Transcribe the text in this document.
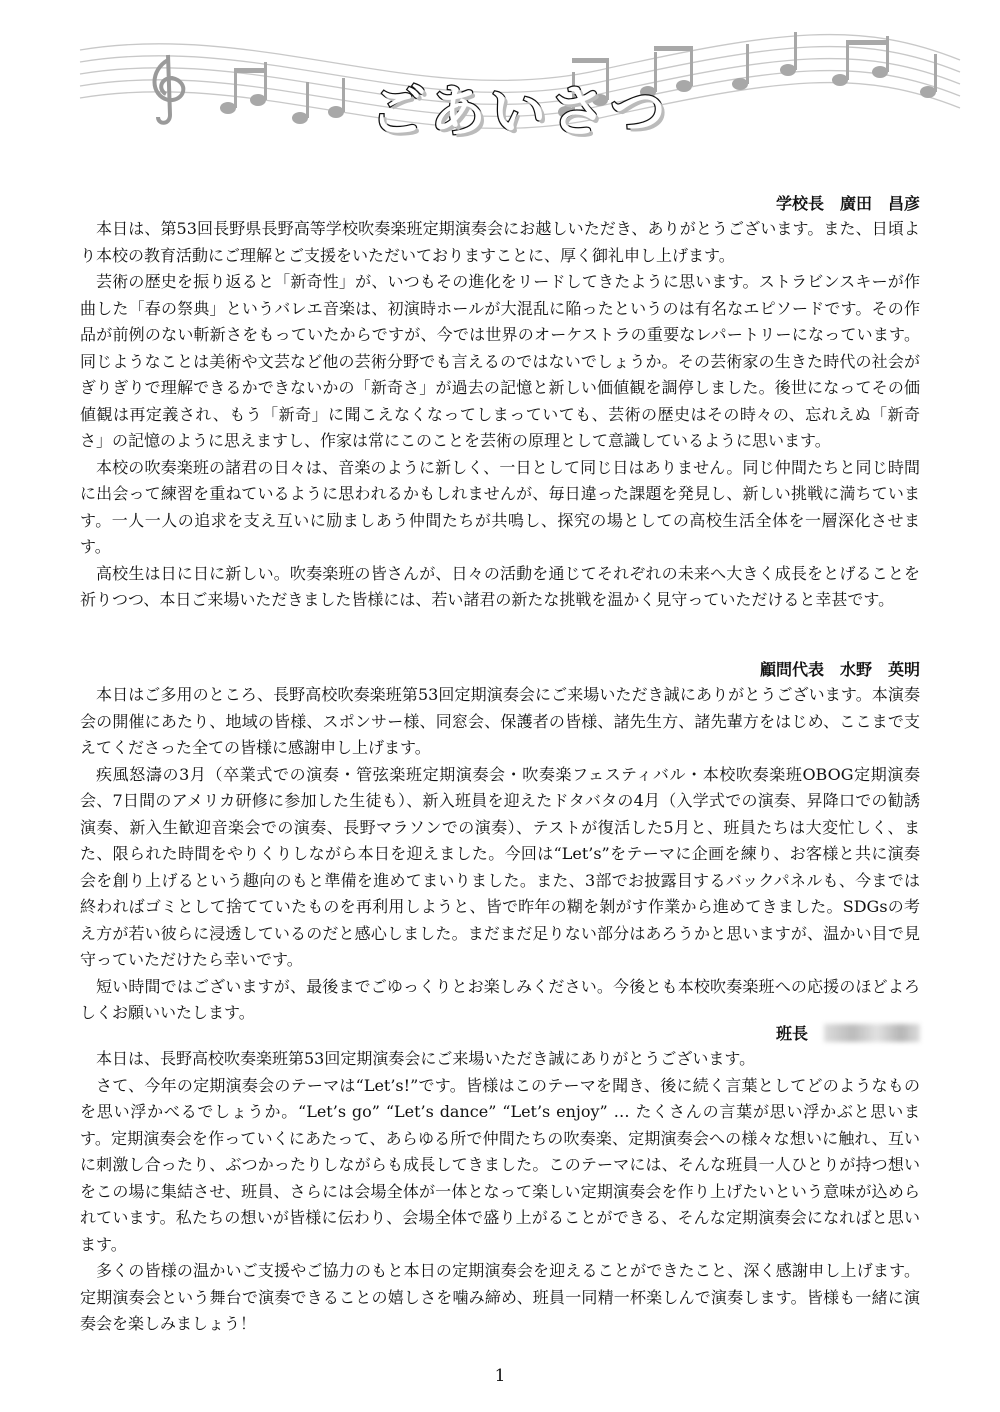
ごあいさつ
学校長　廣田　昌彦

本日は、第53回長野県長野高等学校吹奏楽班定期演奏会にお越しいただき、ありがとうございます。また、日頃より本校の教育活動にご理解とご支援をいただいておりますことに、厚く御礼申し上げます。

芸術の歴史を振り返ると「新奇性」が、いつもその進化をリードしてきたように思います。ストラビンスキーが作曲した「春の祭典」というバレエ音楽は、初演時ホールが大混乱に陥ったというのは有名なエピソードです。その作品が前例のない斬新さをもっていたからですが、今では世界のオーケストラの重要なレパートリーになっています。同じようなことは美術や文芸など他の芸術分野でも言えるのではないでしょうか。その芸術家の生きた時代の社会がぎりぎりで理解できるかできないかの「新奇さ」が過去の記憶と新しい価値観を調停しました。後世になってその価値観は再定義され、もう「新奇」に聞こえなくなってしまっていても、芸術の歴史はその時々の、忘れえぬ「新奇さ」の記憶のように思えますし、作家は常にこのことを芸術の原理として意識しているように思います。

本校の吹奏楽班の諸君の日々は、音楽のように新しく、一日として同じ日はありません。同じ仲間たちと同じ時間に出会って練習を重ねているように思われるかもしれませんが、毎日違った課題を発見し、新しい挑戦に満ちています。一人一人の追求を支え互いに励ましあう仲間たちが共鳴し、探究の場としての高校生活全体を一層深化させます。

高校生は日に日に新しい。吹奏楽班の皆さんが、日々の活動を通じてそれぞれの未来へ大きく成長をとげることを祈りつつ、本日ご来場いただきました皆様には、若い諸君の新たな挑戦を温かく見守っていただけると幸甚です。

顧問代表　水野　英明

本日はご多用のところ、長野高校吹奏楽班第53回定期演奏会にご来場いただき誠にありがとうございます。本演奏会の開催にあたり、地域の皆様、スポンサー様、同窓会、保護者の皆様、諸先生方、諸先輩方をはじめ、ここまで支えてくださった全ての皆様に感謝申し上げます。

疾風怒濤の3月（卒業式での演奏・管弦楽班定期演奏会・吹奏楽フェスティバル・本校吹奏楽班OBOG定期演奏会、7日間のアメリカ研修に参加した生徒も）、新入班員を迎えたドタバタの4月（入学式での演奏、昇降口での勧誘演奏、新入生歓迎音楽会での演奏、長野マラソンでの演奏）、テストが復活した5月と、班員たちは大変忙しく、また、限られた時間をやりくりしながら本日を迎えました。今回は“Let’s”をテーマに企画を練り、お客様と共に演奏会を創り上げるという趣向のもと準備を進めてまいりました。また、3部でお披露目するバックパネルも、今までは終わればゴミとして捨てていたものを再利用しようと、皆で昨年の糊を剝がす作業から進めてきました。SDGsの考え方が若い彼らに浸透しているのだと感心しました。まだまだ足りない部分はあろうかと思いますが、温かい目で見守っていただけたら幸いです。

短い時間ではございますが、最後までごゆっくりとお楽しみください。今後とも本校吹奏楽班への応援のほどよろしくお願いいたします。

班長　

本日は、長野高校吹奏楽班第53回定期演奏会にご来場いただき誠にありがとうございます。

さて、今年の定期演奏会のテーマは“Let’s!”です。皆様はこのテーマを聞き、後に続く言葉としてどのようなものを思い浮かべるでしょうか。“Let’s go” “Let’s dance” “Let’s enjoy” … たくさんの言葉が思い浮かぶと思います。定期演奏会を作っていくにあたって、あらゆる所で仲間たちの吹奏楽、定期演奏会への様々な想いに触れ、互いに刺激し合ったり、ぶつかったりしながらも成長してきました。このテーマには、そんな班員一人ひとりが持つ想いをこの場に集結させ、班員、さらには会場全体が一体となって楽しい定期演奏会を作り上げたいという意味が込められています。私たちの想いが皆様に伝わり、会場全体で盛り上がることができる、そんな定期演奏会になればと思います。

多くの皆様の温かいご支援やご協力のもと本日の定期演奏会を迎えることができたこと、深く感謝申し上げます。定期演奏会という舞台で演奏できることの嬉しさを噛み締め、班員一同精一杯楽しんで演奏します。皆様も一緒に演奏会を楽しみましょう！

1
